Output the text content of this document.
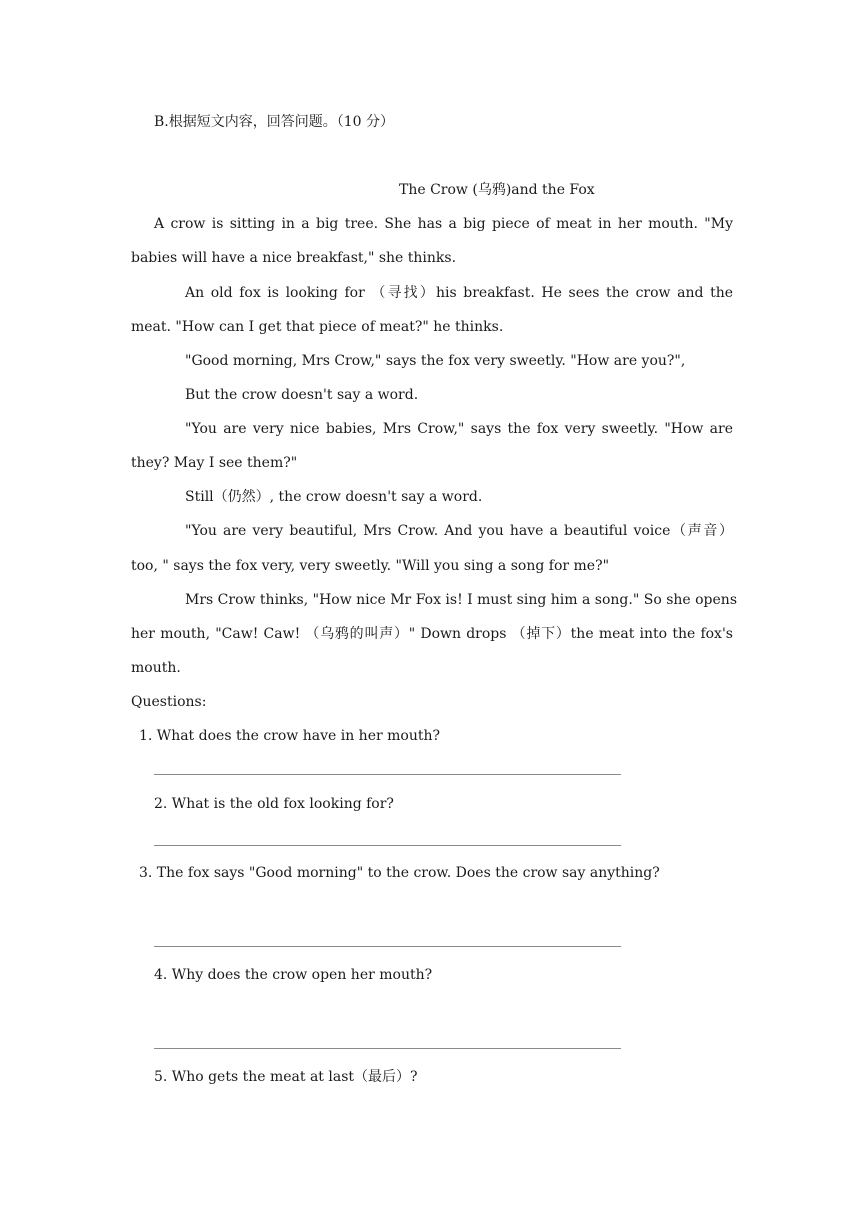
B.根据短文内容，回答问题。（10 分）
The Crow (乌鸦)and the Fox
A crow is sitting in a big tree. She has a big piece of meat in her mouth. "My
babies will have a nice breakfast," she thinks.
An old fox is looking for （寻找）his breakfast. He sees the crow and the
meat. "How can I get that piece of meat?" he thinks.
"Good morning, Mrs Crow," says the fox very sweetly. "How are you?",
But the crow doesn't say a word.
"You are very nice babies, Mrs Crow," says the fox very sweetly. "How are
they? May I see them?"
Still（仍然）, the crow doesn't say a word.
"You are very beautiful, Mrs Crow. And you have a beautiful voice（声音）
too, " says the fox very, very sweetly. "Will you sing a song for me?"
Mrs Crow thinks, "How nice Mr Fox is! I must sing him a song." So she opens
her mouth, "Caw! Caw! （乌鸦的叫声）" Down drops （掉下）the meat into the fox's
mouth.
Questions:
1. What does the crow have in her mouth?
2. What is the old fox looking for?
3. The fox says "Good morning" to the crow. Does the crow say anything?
4. Why does the crow open her mouth?
5. Who gets the meat at last（最后）?
